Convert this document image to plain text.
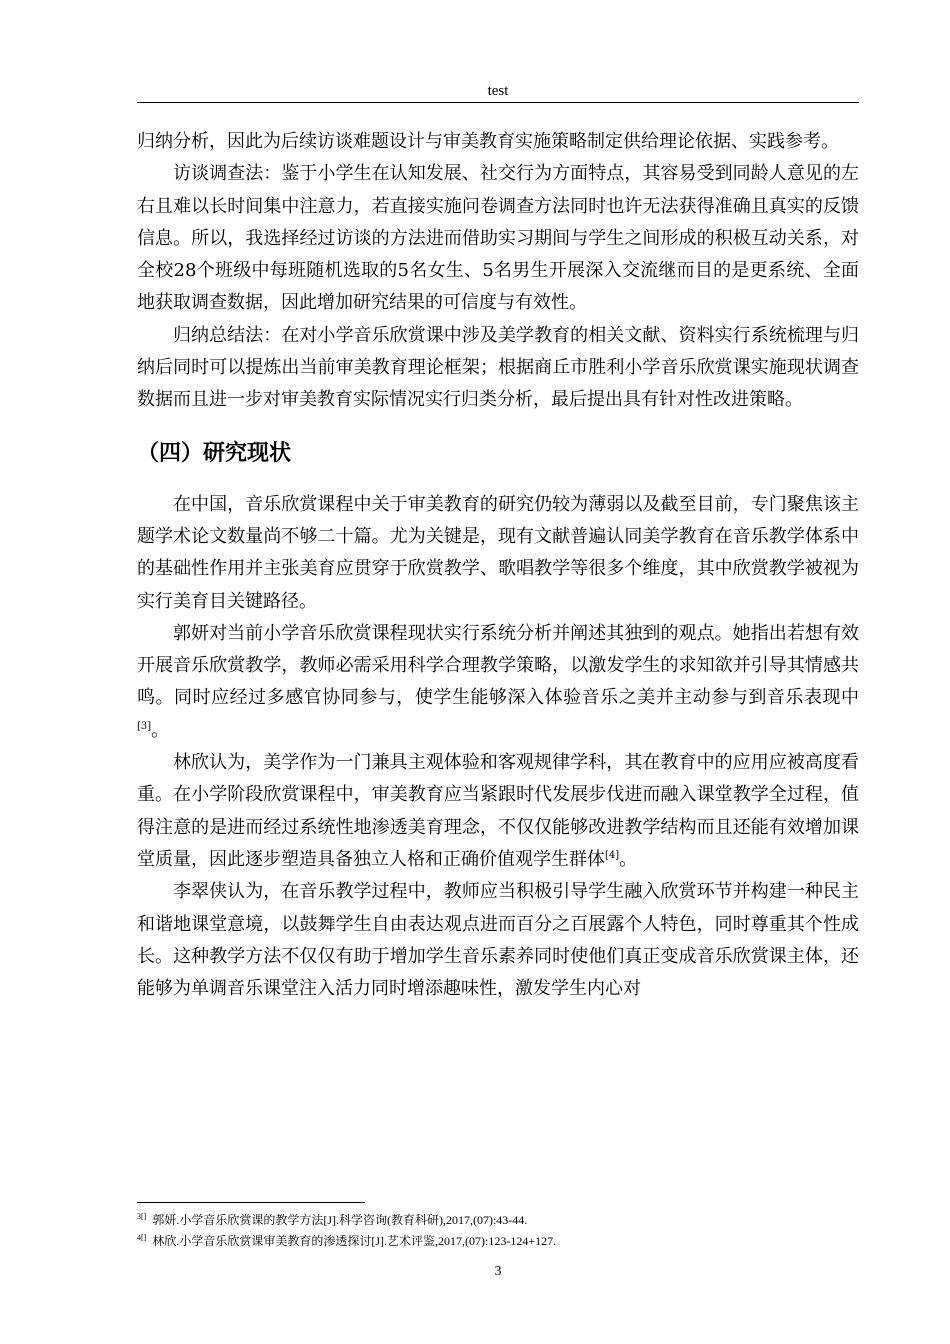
test

归纳分析，因此为后续访谈难题设计与审美教育实施策略制定供给理论依据、实践参考。

访谈调查法：鉴于小学生在认知发展、社交行为方面特点，其容易受到同龄人意见的左右且难以长时间集中注意力，若直接实施问卷调查方法同时也许无法获得准确且真实的反馈信息。所以，我选择经过访谈的方法进而借助实习期间与学生之间形成的积极互动关系，对全校28个班级中每班随机选取的5名女生、5名男生开展深入交流继而目的是更系统、全面地获取调查数据，因此增加研究结果的可信度与有效性。

归纳总结法：在对小学音乐欣赏课中涉及美学教育的相关文献、资料实行系统梳理与归纳后同时可以提炼出当前审美教育理论框架；根据商丘市胜利小学音乐欣赏课实施现状调查数据而且进一步对审美教育实际情况实行归类分析，最后提出具有针对性改进策略。

（四）研究现状

在中国，音乐欣赏课程中关于审美教育的研究仍较为薄弱以及截至目前，专门聚焦该主题学术论文数量尚不够二十篇。尤为关键是，现有文献普遍认同美学教育在音乐教学体系中的基础性作用并主张美育应贯穿于欣赏教学、歌唱教学等很多个维度，其中欣赏教学被视为实行美育目关键路径。

郭妍对当前小学音乐欣赏课程现状实行系统分析并阐述其独到的观点。她指出若想有效开展音乐欣赏教学，教师必需采用科学合理教学策略，以激发学生的求知欲并引导其情感共鸣。同时应经过多感官协同参与，使学生能够深入体验音乐之美并主动参与到音乐表现中[3]。

林欣认为，美学作为一门兼具主观体验和客观规律学科，其在教育中的应用应被高度看重。在小学阶段欣赏课程中，审美教育应当紧跟时代发展步伐进而融入课堂教学全过程，值得注意的是进而经过系统性地渗透美育理念，不仅仅能够改进教学结构而且还能有效增加课堂质量，因此逐步塑造具备独立人格和正确价值观学生群体[4]。

李翠侠认为，在音乐教学过程中，教师应当积极引导学生融入欣赏环节并构建一种民主和谐地课堂意境，以鼓舞学生自由表达观点进而百分之百展露个人特色，同时尊重其个性成长。这种教学方法不仅仅有助于增加学生音乐素养同时使他们真正变成音乐欣赏课主体，还能够为单调音乐课堂注入活力同时增添趣味性，激发学生内心对

$^{3[]}$ 郭妍.小学音乐欣赏课的教学方法[J].科学咨询(教育科研),2017,(07):43-44.

$^{4[]}$ 林欣.小学音乐欣赏课审美教育的渗透探讨[J].艺术评鉴,2017,(07):123-124+127.

3
